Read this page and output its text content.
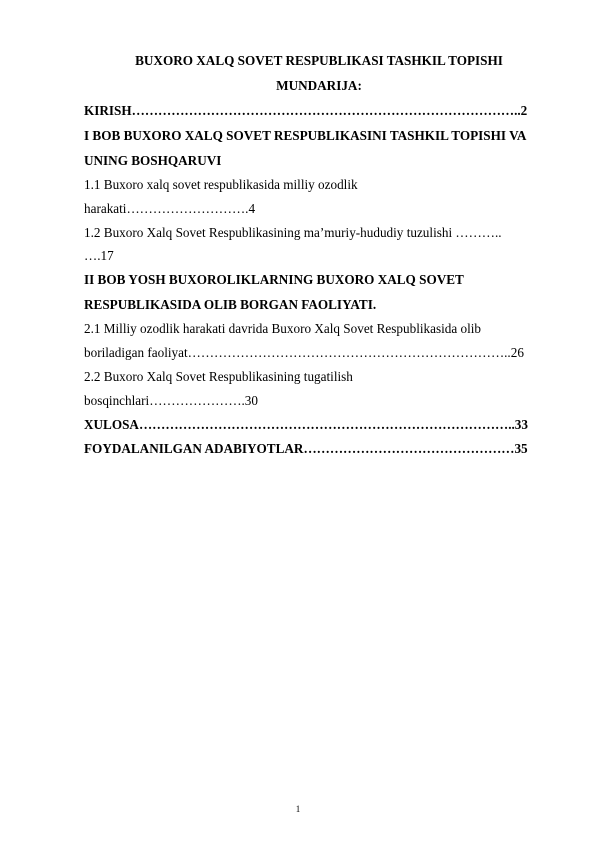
BUXORO XALQ SOVET RESPUBLIKASI TASHKIL TOPISHI
MUNDARIJA:
KIRISH……………………………………………………………………………..2
I BOB BUXORO XALQ SOVET RESPUBLIKASINI TASHKIL TOPISHI VA
UNING BOSHQARUVI
1.1 Buxoro xalq sovet respublikasida milliy ozodlik
harakati……………………….4
1.2 Buxoro Xalq Sovet Respublikasining ma’muriy-hududiy tuzulishi ………..
….17
II BOB YOSH BUXOROLIKLARNING BUXORO XALQ SOVET
RESPUBLIKASIDA OLIB BORGAN FAOLIYATI.
2.1 Milliy ozodlik harakati davrida Buxoro Xalq Sovet Respublikasida olib
boriladigan faoliyat………………………………………………………………..26
2.2 Buxoro Xalq Sovet Respublikasining tugatilish
bosqinchlari………………….30
XULOSA…………………………………………………………………………..33
FOYDALANILGAN ADABIYOTLAR…………………………………………35
1
